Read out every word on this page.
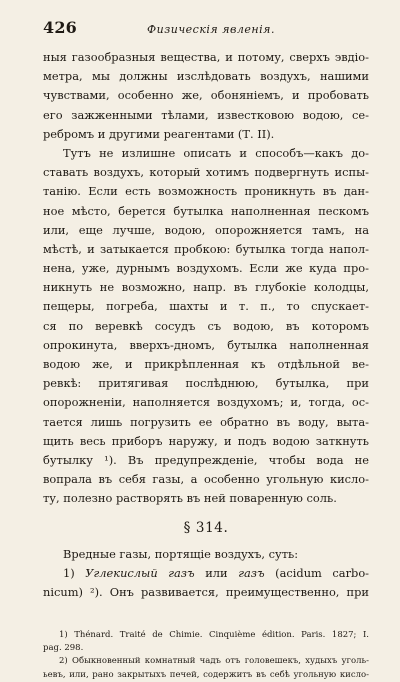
426	Физическія явленія.
ныя газообразныя вещества, и потому, сверхъ эвдіо-
метра, мы должны изслѣдовать воздухъ, нашими
чувствами, особенно же, обоняніемъ, и пробовать
его зажженными тѣлами, известковою водою, се-
ребромъ и другими реагентами (Т. II).
Тутъ не излишне описать и способъ—какъ до-
ставать воздухъ, который хотимъ подвергнуть испы-
танію. Если есть возможность проникнуть въ дан-
ное мѣсто, берется бутылка наполненная пескомъ
или, еще лучше, водою, опорожняется тамъ, на
мѣстѣ, и затыкается пробкою: бутылка тогда напол-
нена, уже, дурнымъ воздухомъ. Если же куда про-
никнуть не возможно, напр. въ глубокіе колодцы,
пещеры, погреба, шахты и т. п., то спускает-
ся по веревкѣ сосудъ съ водою, въ которомъ
опрокинута, вверхъ-дномъ, бутылка наполненная
водою же, и прикрѣпленная къ отдѣльной ве-
ревкѣ: притягивая послѣднюю, бутылка, при
опорожненіи, наполняется воздухомъ; и, тогда, ос-
тается лишь погрузить ее обратно въ воду, выта-
щить весь приборъ наружу, и подъ водою заткнуть
бутылку ¹). Въ предупрежденіе, чтобы вода не
вопрала въ себя газы, а особенно угольную кисло-
ту, полезно растворять въ ней поваренную соль.
§ 314.
Вредные газы, портящіе воздухъ, суть:
1) Углекислый газъ или газъ (acidum carbo-
nicum) ²). Онъ развивается, преимущественно, при
1) Thénard. Traité de Chimie. Cinquième édition. Paris. 1827; I.
pag. 298.
2) Обыкновенный комнатный чадъ отъ головешекъ, худыхъ уголь-
ьевъ, или, рано закрытыхъ печей, содержитъ въ себѣ угольную кисло-
